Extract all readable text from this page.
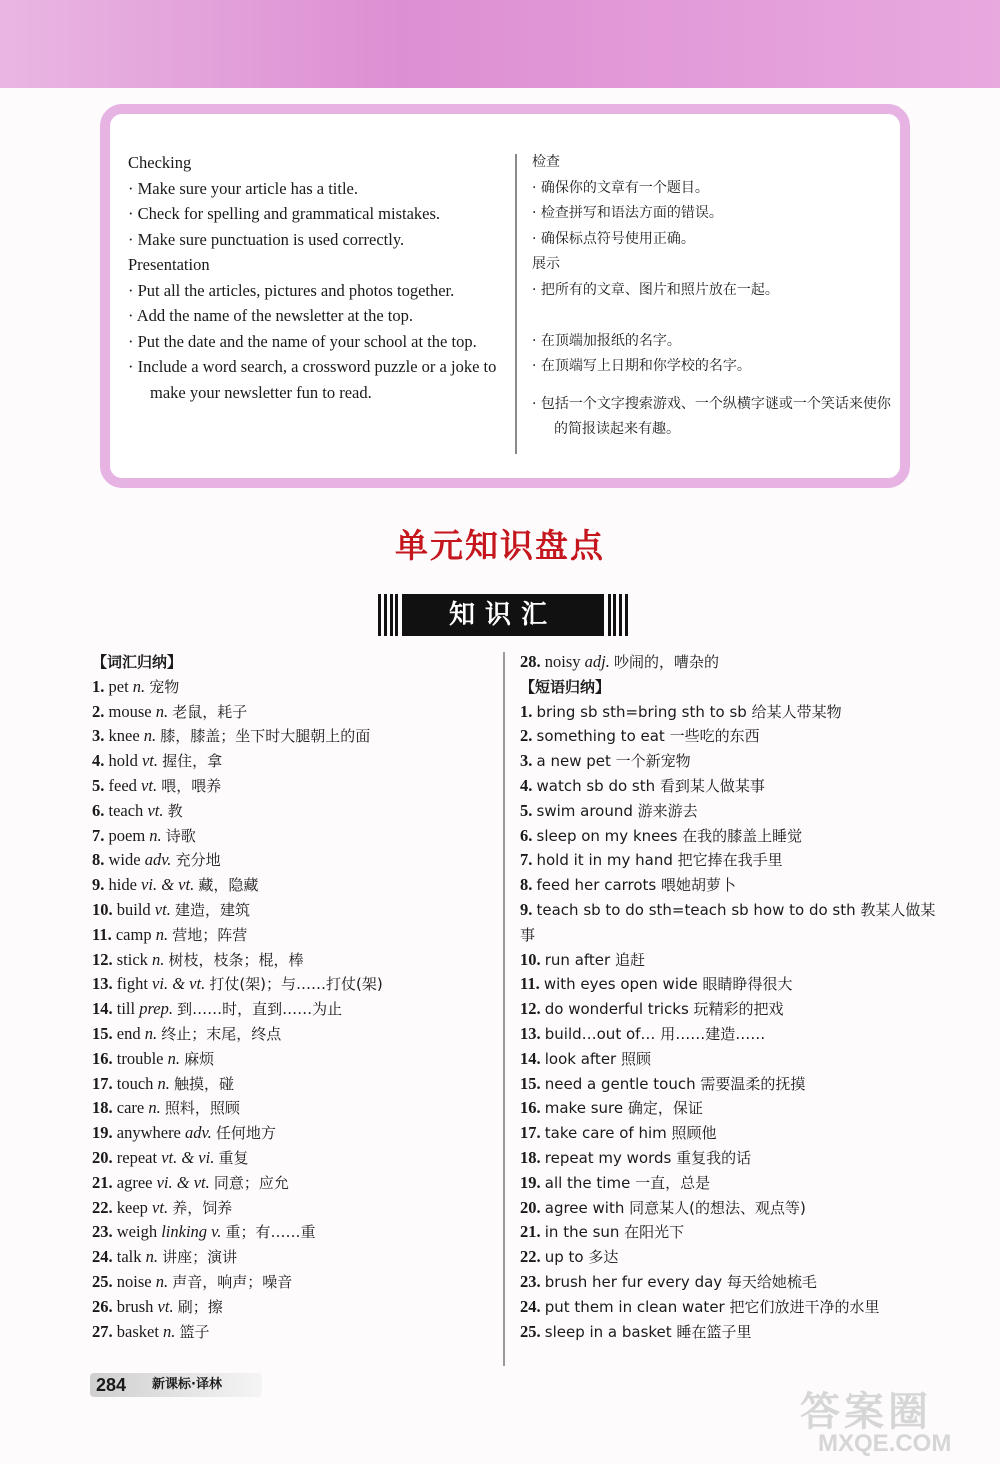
Checking

· Make sure your article has a title.

· Check for spelling and grammatical mistakes.

· Make sure punctuation is used correctly.

Presentation

· Put all the articles, pictures and photos together.

· Add the name of the newsletter at the top.

· Put the date and the name of your school at the top.

· Include a word search, a crossword puzzle or a joke to make your newsletter fun to read.

检查

· 确保你的文章有一个题目。

· 检查拼写和语法方面的错误。

· 确保标点符号使用正确。

展示

· 把所有的文章、图片和照片放在一起。

· 在顶端加报纸的名字。

· 在顶端写上日期和你学校的名字。

· 包括一个文字搜索游戏、一个纵横字谜或一个笑话来使你的简报读起来有趣。

单元知识盘点
知识汇
【词汇归纳】
1. pet n. 宠物
2. mouse n. 老鼠，耗子
3. knee n. 膝，膝盖；坐下时大腿朝上的面
4. hold vt. 握住，拿
5. feed vt. 喂，喂养
6. teach vt. 教
7. poem n. 诗歌
8. wide adv. 充分地
9. hide vi. & vt. 藏，隐藏
10. build vt. 建造，建筑
11. camp n. 营地；阵营
12. stick n. 树枝，枝条；棍，棒
13. fight vi. & vt. 打仗(架)；与……打仗(架)
14. till prep. 到……时，直到……为止
15. end n. 终止；末尾，终点
16. trouble n. 麻烦
17. touch n. 触摸，碰
18. care n. 照料，照顾
19. anywhere adv. 任何地方
20. repeat vt. & vi. 重复
21. agree vi. & vt. 同意；应允
22. keep vt. 养，饲养
23. weigh linking v. 重；有……重
24. talk n. 讲座；演讲
25. noise n. 声音，响声；噪音
26. brush vt. 刷；擦
27. basket n. 篮子
28. noisy adj. 吵闹的，嘈杂的
【短语归纳】
1. bring sb sth=bring sth to sb 给某人带某物
2. something to eat 一些吃的东西
3. a new pet 一个新宠物
4. watch sb do sth 看到某人做某事
5. swim around 游来游去
6. sleep on my knees 在我的膝盖上睡觉
7. hold it in my hand 把它捧在我手里
8. feed her carrots 喂她胡萝卜
9. teach sb to do sth=teach sb how to do sth 教某人做某事
10. run after 追赶
11. with eyes open wide 眼睛睁得很大
12. do wonderful tricks 玩精彩的把戏
13. build…out of… 用……建造……
14. look after 照顾
15. need a gentle touch 需要温柔的抚摸
16. make sure 确定，保证
17. take care of him 照顾他
18. repeat my words 重复我的话
19. all the time 一直，总是
20. agree with 同意某人(的想法、观点等)
21. in the sun 在阳光下
22. up to 多达
23. brush her fur every day 每天给她梳毛
24. put them in clean water 把它们放进干净的水里
25. sleep in a basket 睡在篮子里
284 新课标·译林
答案圈
MXQE.COM
